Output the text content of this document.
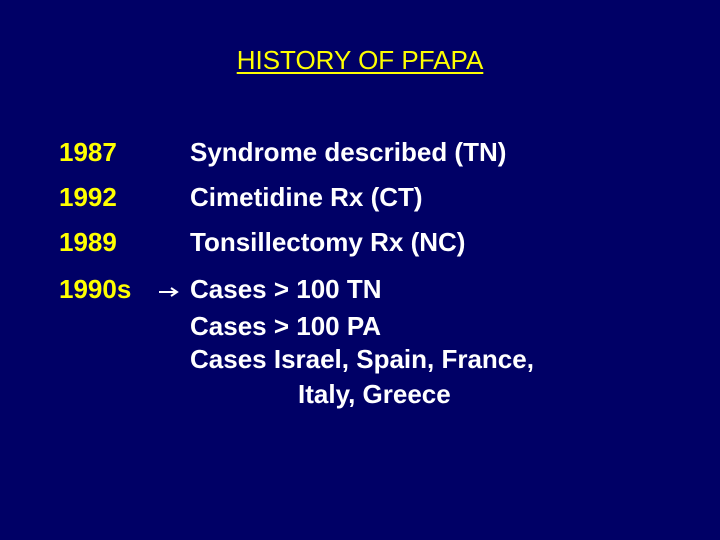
HISTORY OF PFAPA
1987	Syndrome described (TN)
1992	Cimetidine Rx (CT)
1989	Tonsillectomy Rx (NC)
1990s Cases > 100 TN
Cases > 100 PA
Cases Israel, Spain, France,
Italy, Greece
